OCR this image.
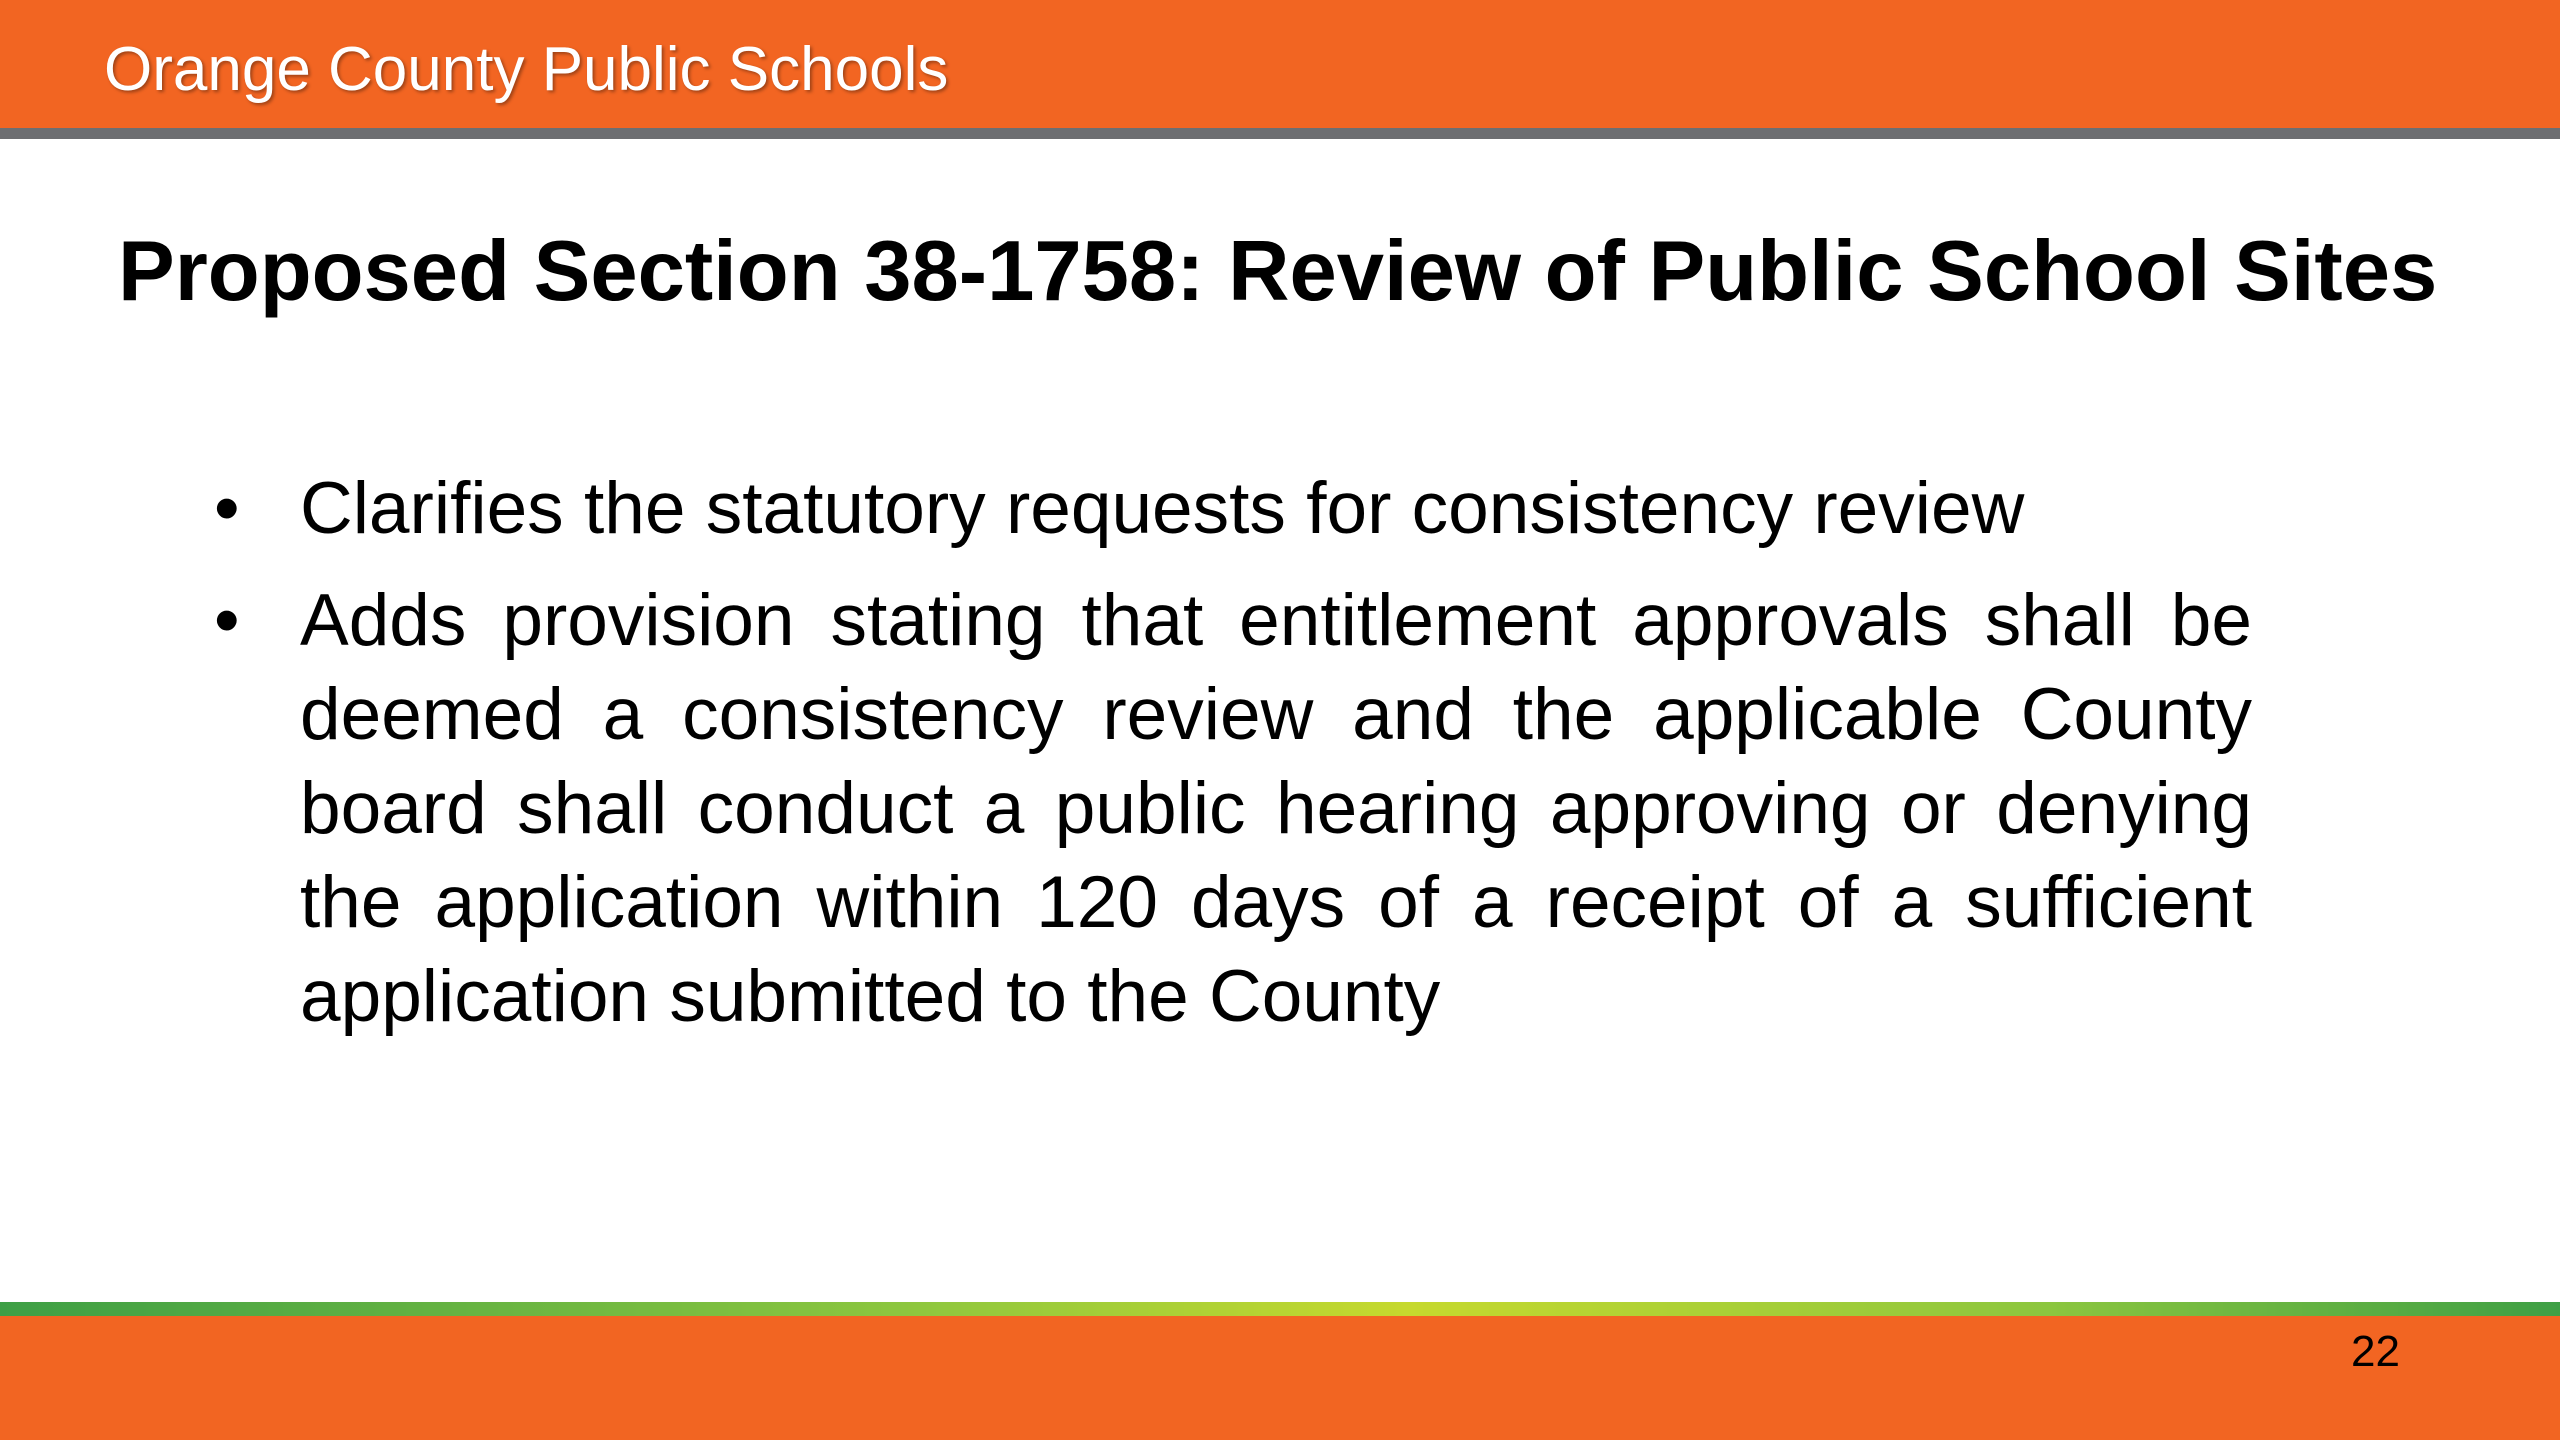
Orange County Public Schools
Proposed Section 38-1758: Review of Public School Sites
• Clarifies the statutory requests for consistency review
• Adds provision stating that entitlement approvals shall be deemed a consistency review and the applicable County board shall conduct a public hearing approving or denying the application within 120 days of a receipt of a sufficient application submitted to the County
22
